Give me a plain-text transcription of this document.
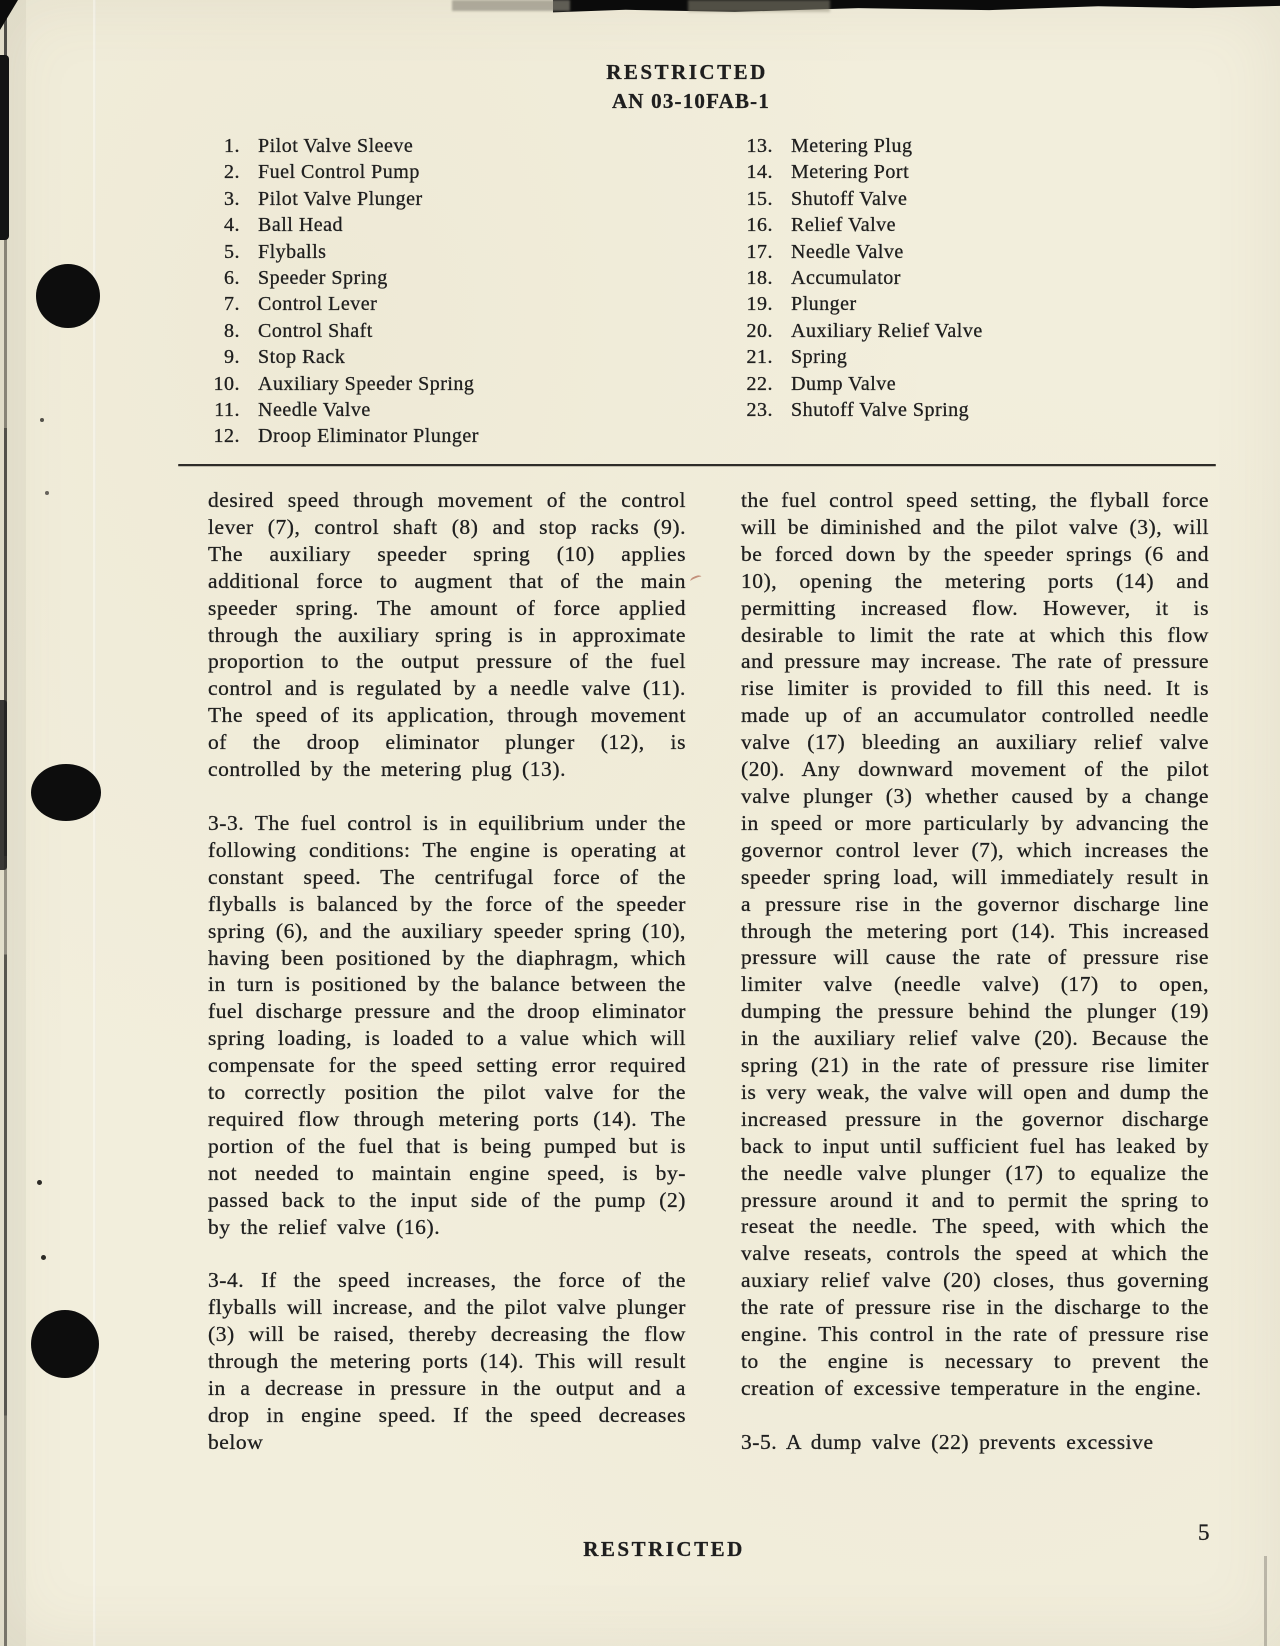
RESTRICTED
AN 03-10FAB-1
1. Pilot Valve Sleeve
2. Fuel Control Pump
3. Pilot Valve Plunger
4. Ball Head
5. Flyballs
6. Speeder Spring
7. Control Lever
8. Control Shaft
9. Stop Rack
10. Auxiliary Speeder Spring
11. Needle Valve
12. Droop Eliminator Plunger
13. Metering Plug
14. Metering Port
15. Shutoff Valve
16. Relief Valve
17. Needle Valve
18. Accumulator
19. Plunger
20. Auxiliary Relief Valve
21. Spring
22. Dump Valve
23. Shutoff Valve Spring

desired speed through movement of the control lever (7), control shaft (8) and stop racks (9). The auxiliary speeder spring (10) applies additional force to augment that of the main speeder spring. The amount of force applied through the auxiliary spring is in approximate proportion to the output pressure of the fuel control and is regulated by a needle valve (11). The speed of its application, through movement of the droop eliminator plunger (12), is controlled by the metering plug (13).

3-3. The fuel control is in equilibrium under the following conditions: The engine is operating at constant speed. The centrifugal force of the flyballs is balanced by the force of the speeder spring (6), and the auxiliary speeder spring (10), having been positioned by the diaphragm, which in turn is positioned by the balance between the fuel discharge pressure and the droop eliminator spring loading, is loaded to a value which will compensate for the speed setting error required to correctly position the pilot valve for the required flow through metering ports (14). The portion of the fuel that is being pumped but is not needed to maintain engine speed, is by-passed back to the input side of the pump (2) by the relief valve (16).

3-4. If the speed increases, the force of the flyballs will increase, and the pilot valve plunger (3) will be raised, thereby decreasing the flow through the metering ports (14). This will result in a decrease in pressure in the output and a drop in engine speed. If the speed decreases below

the fuel control speed setting, the flyball force will be diminished and the pilot valve (3), will be forced down by the speeder springs (6 and 10), opening the metering ports (14) and permitting increased flow. However, it is desirable to limit the rate at which this flow and pressure may increase. The rate of pressure rise limiter is provided to fill this need. It is made up of an accumulator controlled needle valve (17) bleeding an auxiliary relief valve (20). Any downward movement of the pilot valve plunger (3) whether caused by a change in speed or more particularly by advancing the governor control lever (7), which increases the speeder spring load, will immediately result in a pressure rise in the governor discharge line through the metering port (14). This increased pressure will cause the rate of pressure rise limiter valve (needle valve) (17) to open, dumping the pressure behind the plunger (19) in the auxiliary relief valve (20). Because the spring (21) in the rate of pressure rise limiter is very weak, the valve will open and dump the increased pressure in the governor discharge back to input until sufficient fuel has leaked by the needle valve plunger (17) to equalize the pressure around it and to permit the spring to reseat the needle. The speed, with which the valve reseats, controls the speed at which the auxiary relief valve (20) closes, thus governing the rate of pressure rise in the discharge to the engine. This control in the rate of pressure rise to the engine is necessary to prevent the creation of excessive temperature in the engine.

3-5. A dump valve (22) prevents excessive

RESTRICTED
5
